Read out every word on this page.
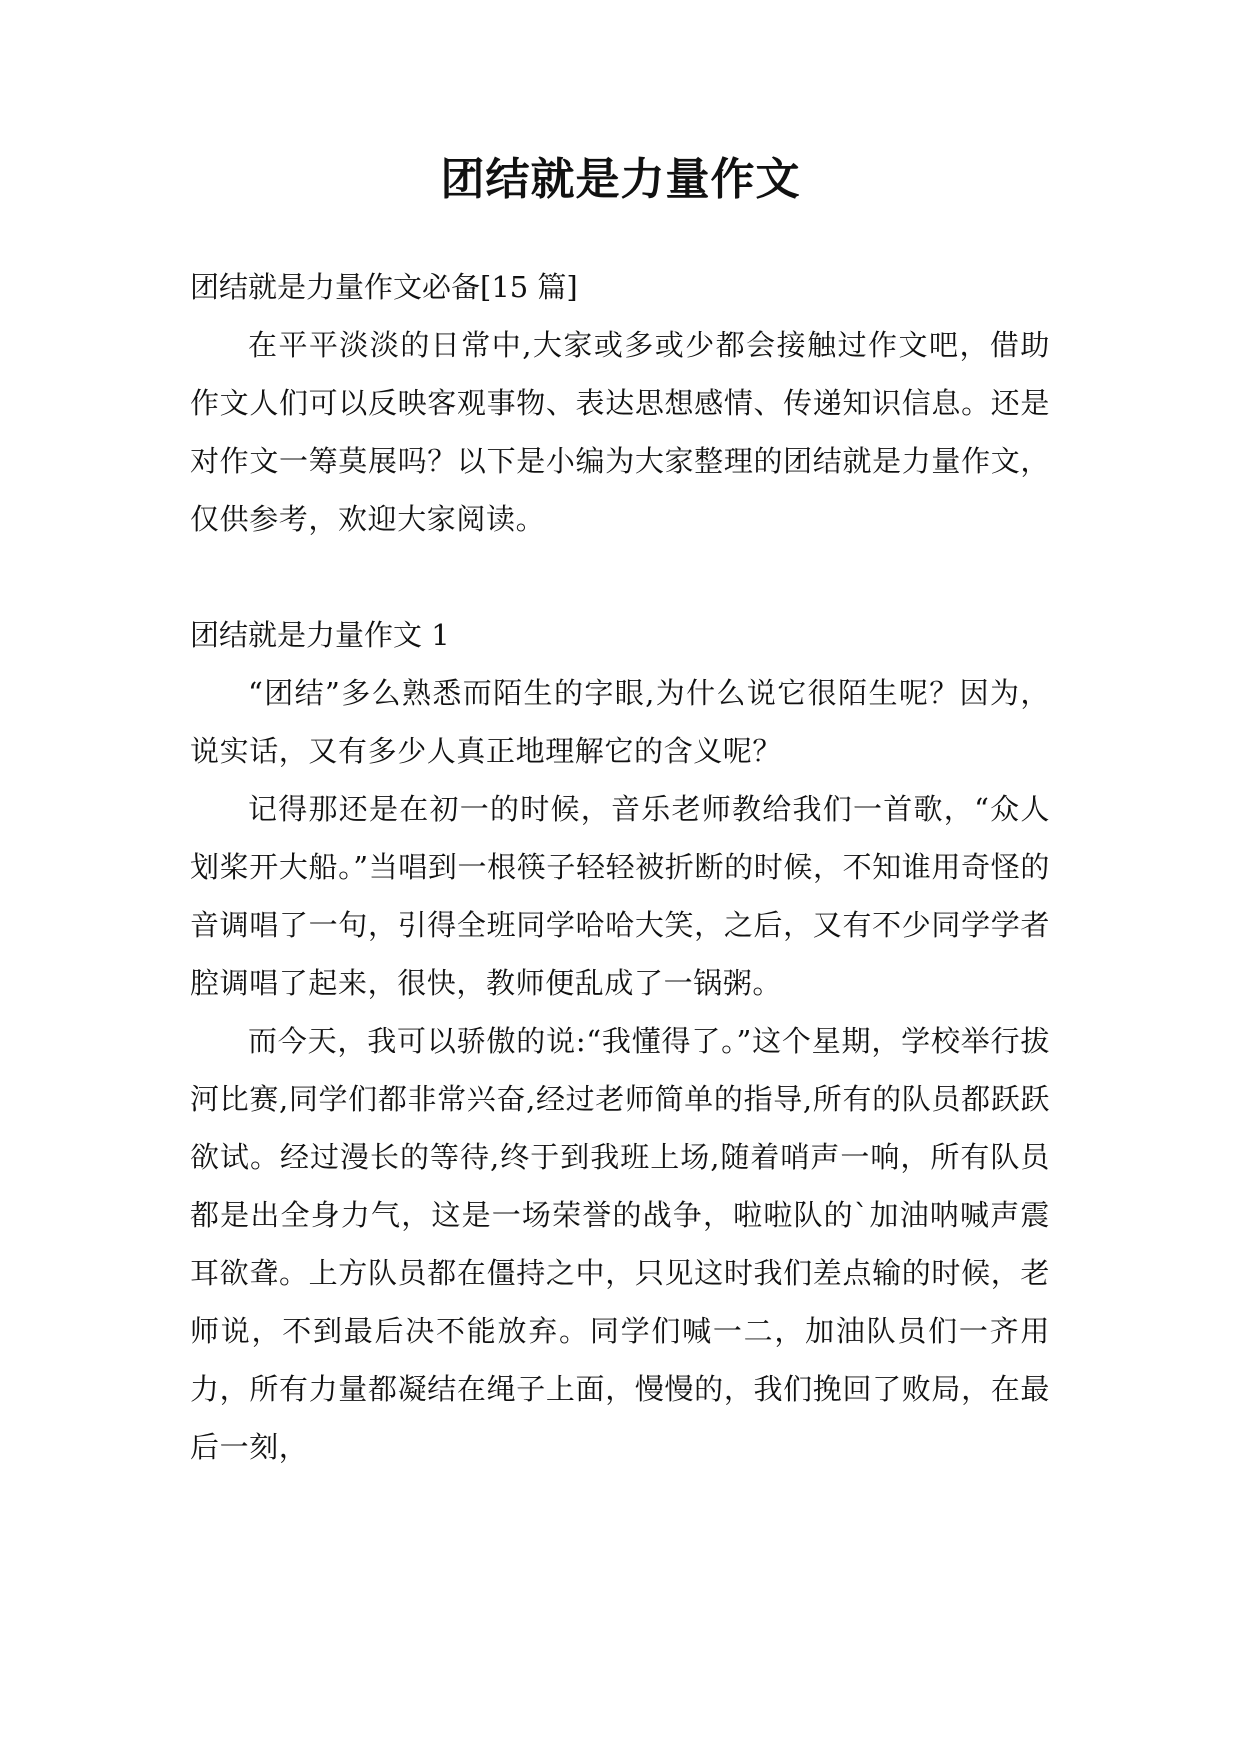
团结就是力量作文

团结就是力量作文必备[15 篇]

在平平淡淡的日常中,大家或多或少都会接触过作文吧，借助作文人们可以反映客观事物、表达思想感情、传递知识信息。还是对作文一筹莫展吗？以下是小编为大家整理的团结就是力量作文，仅供参考，欢迎大家阅读。

团结就是力量作文 1

“团结”多么熟悉而陌生的字眼,为什么说它很陌生呢？因为，说实话，又有多少人真正地理解它的含义呢？

记得那还是在初一的时候，音乐老师教给我们一首歌，“众人划桨开大船。”当唱到一根筷子轻轻被折断的时候，不知谁用奇怪的音调唱了一句，引得全班同学哈哈大笑，之后，又有不少同学学者腔调唱了起来，很快，教师便乱成了一锅粥。

而今天，我可以骄傲的说:“我懂得了。”这个星期，学校举行拔河比赛,同学们都非常兴奋,经过老师简单的指导,所有的队员都跃跃欲试。经过漫长的等待,终于到我班上场,随着哨声一响，所有队员都是出全身力气，这是一场荣誉的战争，啦啦队的`加油呐喊声震耳欲聋。上方队员都在僵持之中，只见这时我们差点输的时候，老师说，不到最后决不能放弃。同学们喊一二，加油队员们一齐用力，所有力量都凝结在绳子上面，慢慢的，我们挽回了败局，在最后一刻，
